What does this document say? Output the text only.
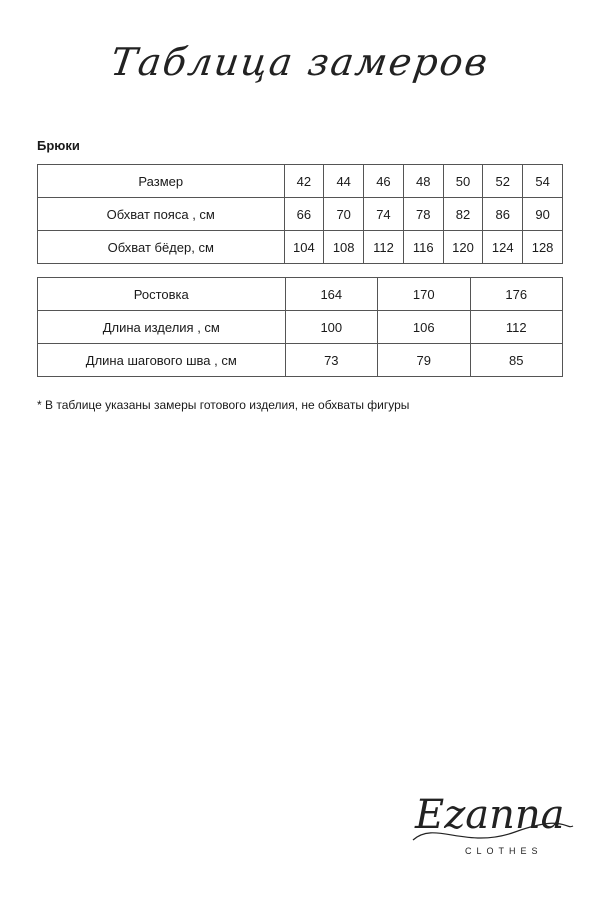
Таблица замеров
Брюки
Размер	42	44	46	48	50	52	54
Обхват пояса , см	66	70	74	78	82	86	90
Обхват бёдер, см	104	108	112	116	120	124	128
Ростовка	164	170	176
Длина изделия , см	100	106	112
Длина шагового шва , см	73	79	85
* В таблице указаны замеры готового изделия, не обхваты фигуры
Ezanna
CLOTHES
